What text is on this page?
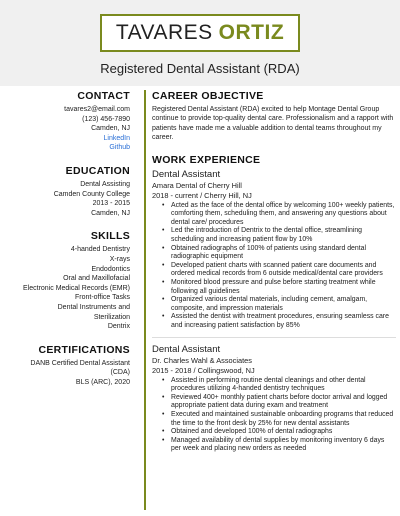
TAVARES ORTIZ
Registered Dental Assistant (RDA)
CONTACT
tavares2@email.com
(123) 456-7890
Camden, NJ
LinkedIn
Github
EDUCATION
Dental Assisting
Camden County College
2013 - 2015
Camden, NJ
SKILLS
4-handed Dentistry
X-rays
Endodontics
Oral and Maxillofacial
Electronic Medical Records (EMR)
Front-office Tasks
Dental Instruments and
Sterilization
Dentrix
CERTIFICATIONS
DANB Certified Dental Assistant
(CDA)
BLS (ARC), 2020
CAREER OBJECTIVE
Registered Dental Assistant (RDA) excited to help Montage Dental Group continue to provide top-quality dental care. Professionalism and a rapport with patients have made me a valuable addition to dental teams throughout my career.
WORK EXPERIENCE
Dental Assistant
Amara Dental of Cherry Hill
2018 - current / Cherry Hill, NJ
• Acted as the face of the dental office by welcoming 100+ weekly patients, comforting them, scheduling them, and answering any questions about dental care/ procedures
• Led the introduction of Dentrix to the dental office, streamlining scheduling and increasing patient flow by 10%
• Obtained radiographs of 100% of patients using standard dental radiographic equipment
• Developed patient charts with scanned patient care documents and ordered medical records from 6 outside medical/dental care providers
• Monitored blood pressure and pulse before starting treatment while following all guidelines
• Organized various dental materials, including cement, amalgam, composite, and impression materials
• Assisted the dentist with treatment procedures, ensuring seamless care and increasing patient satisfaction by 85%
Dental Assistant
Dr. Charles Wahl & Associates
2015 - 2018 / Collingswood, NJ
• Assisted in performing routine dental cleanings and other dental procedures utilizing 4-handed dentistry techniques
• Reviewed 400+ monthly patient charts before doctor arrival and logged appropriate patient data during exam and treatment
• Executed and maintained sustainable onboarding programs that reduced the time to the front desk by 25% for new dental assistants
• Obtained and developed 100% of dental radiographs
• Managed availability of dental supplies by monitoring inventory 6 days per week and placing new orders as needed
